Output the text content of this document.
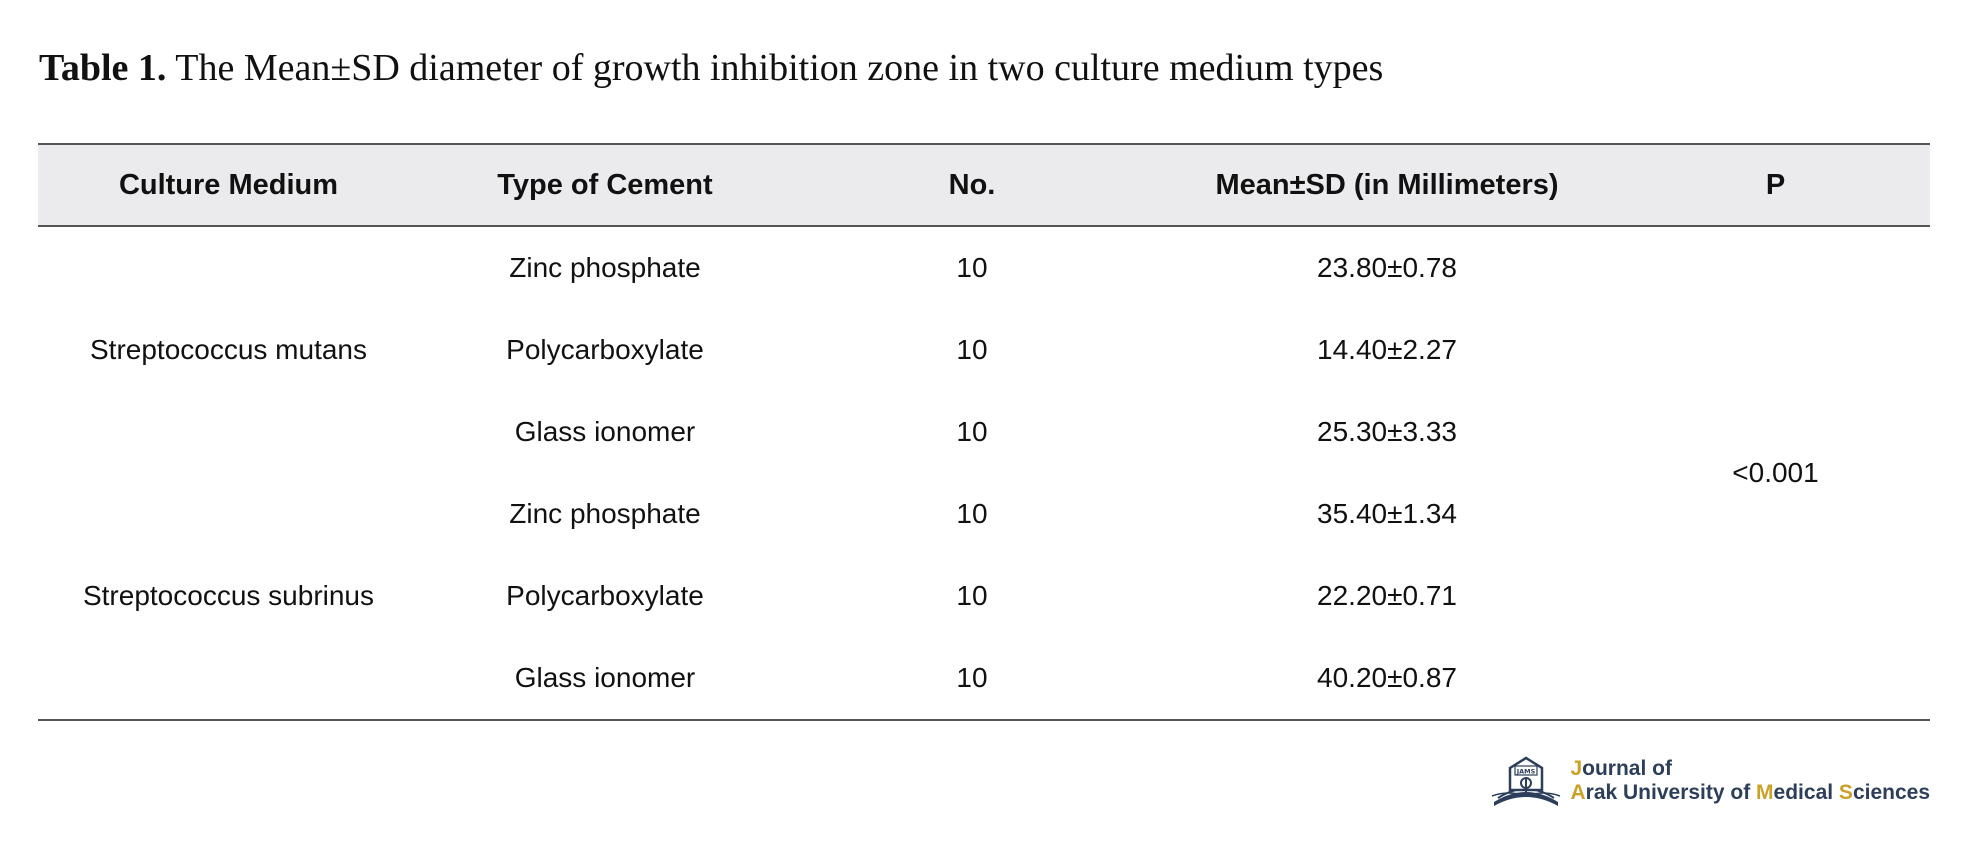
Table 1. The Mean±SD diameter of growth inhibition zone in two culture medium types
Culture Medium	Type of Cement	No.	Mean±SD (in Millimeters)	P
Streptococcus mutans	Zinc phosphate	10	23.80±0.78	<0.001
	Polycarboxylate	10	14.40±2.27	
	Glass ionomer	10	25.30±3.33	
Streptococcus subrinus	Zinc phosphate	10	35.40±1.34	
	Polycarboxylate	10	22.20±0.71	
	Glass ionomer	10	40.20±0.87	
JAMS Journal of
Arak University of Medical Sciences
